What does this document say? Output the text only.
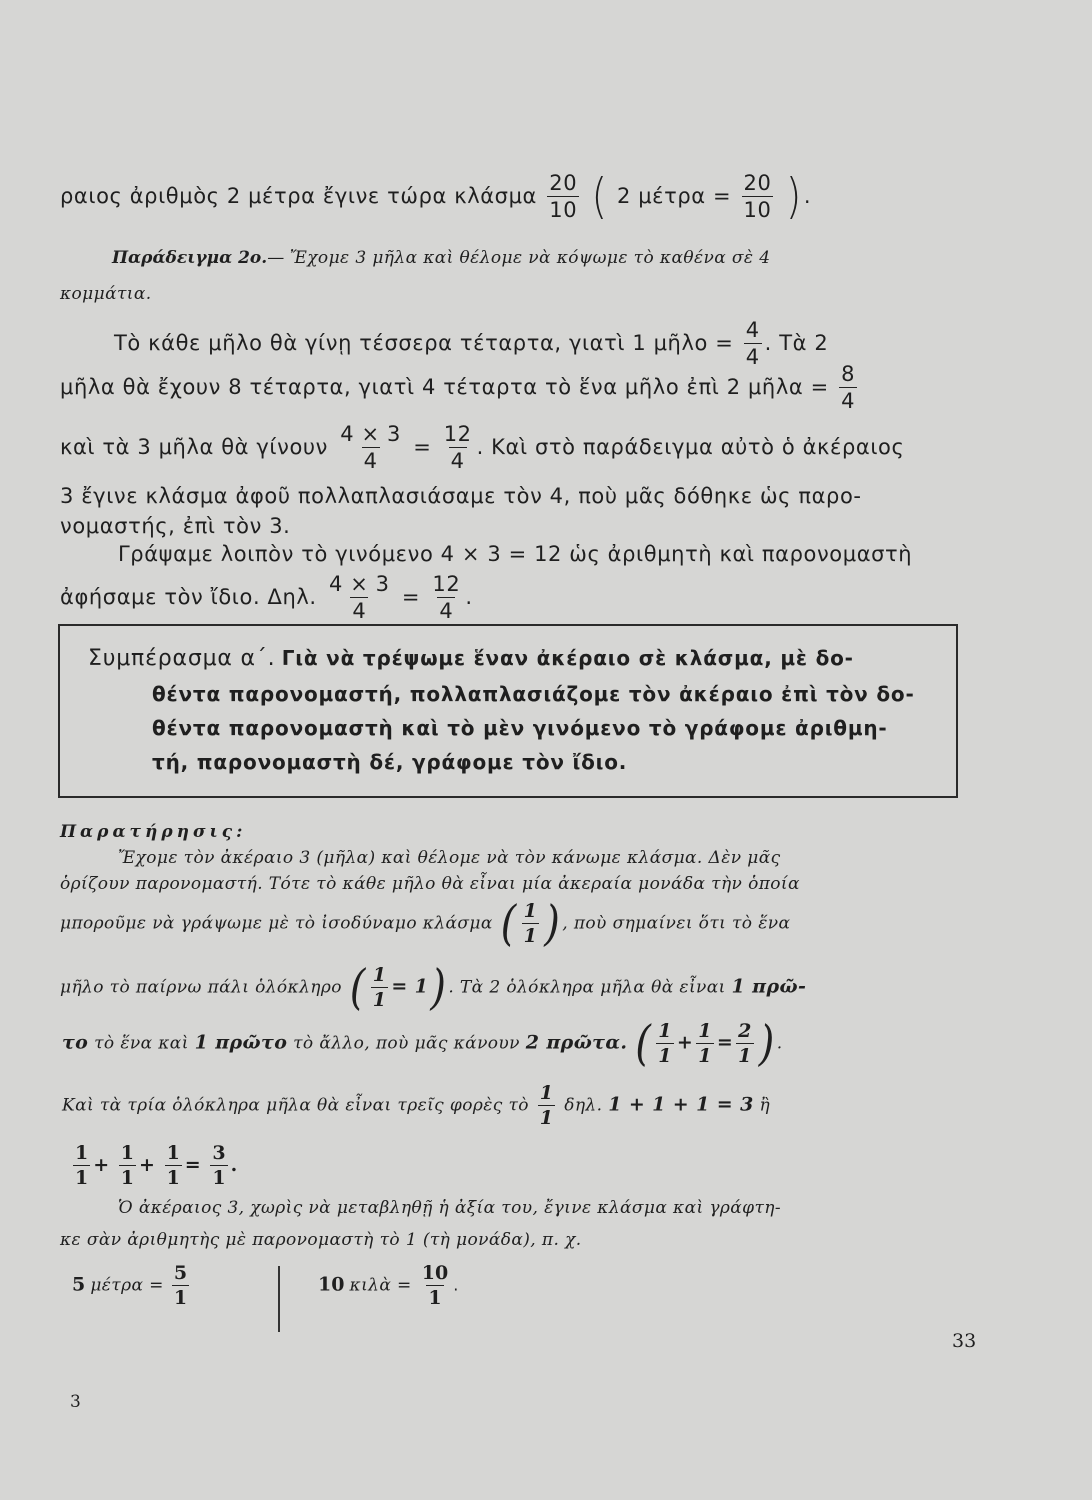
ραιος ἀριθμὸς 2 μέτρα ἔγινε τώρα κλάσμα $\frac{20}{10}$ ( 2 $\mu έ\tau\rho\alpha = \frac{20}{10}$ ).
Παράδειγμα 2ο.— Ἔχομε 3 μῆλα καὶ θέλομε νὰ κόψωμε τὸ καθένα σὲ 4
κομμάτια.
Τὸ κάθε μῆλο θὰ γίνῃ τέσσερα τέταρτα, γιατὶ 1 μῆλο = $\frac{4}{4}$ . Τὰ 2
μῆλα θὰ ἔχουν 8 τέταρτα, γιατὶ 4 τέταρτα τὸ ἕνα μῆλο ἐπὶ 2 μῆλα = $\frac{8}{4}$
καὶ τὰ 3 μῆλα θὰ γίνουν $\frac{4 \times 3}{4} = \frac{12}{4}$ . Καὶ στὸ παράδειγμα αὐτὸ ὁ ἀκέραιος
3 ἔγινε κλάσμα ἀφοῦ πολλαπλασιάσαμε τὸν 4, ποὺ μᾶς δόθηκε ὡς παρο-
νομαστής, ἐπὶ τὸν 3.
Γράψαμε λοιπὸν τὸ γινόμενο 4 × 3 = 12 ὡς ἀριθμητὴ καὶ παρονομαστὴ
ἀφήσαμε τὸν ἴδιο. Δηλ. $\frac{4 \times 3}{4} = \frac{12}{4}$ .
Συμπέρασμα α΄. Γιὰ νὰ τρέψωμε ἕναν ἀκέραιο σὲ κλάσμα, μὲ δο-
θέντα παρονομαστή, πολλαπλασιάζομε τὸν ἀκέραιο ἐπὶ τὸν δο-
θέντα παρονομαστὴ καὶ τὸ μὲν γινόμενο τὸ γράφομε ἀριθμη-
τή, παρονομαστὴ δέ, γράφομε τὸν ἴδιο.
Παρατήρησις:
Ἔχομε τὸν ἀκέραιο 3 (μῆλα) καὶ θέλομε νὰ τὸν κάνωμε κλάσμα. Δὲν μᾶς
ὁρίζουν παρονομαστή. Τότε τὸ κάθε μῆλο θὰ εἶναι μία ἀκεραία μονάδα τὴν ὁποία
μποροῦμε νὰ γράψωμε μὲ τὸ ἰσοδύναμο κλάσμα ( $\frac{1}{1}$ ) , ποὺ σημαίνει ὅτι τὸ ἕνα
μῆλο τὸ παίρνω πάλι ὁλόκληρο ( $\frac{1}{1} = 1$) . Τὰ 2 ὁλόκληρα μῆλα θὰ εἶναι 1 πρῶ-
το τὸ ἕνα καὶ 1 πρῶτο τὸ ἄλλο, ποὺ μᾶς κάνουν 2 πρῶτα. ( $\frac{1}{1} + \frac{1}{1} = \frac{2}{1}$ ) .
Καὶ τὰ τρία ὁλόκληρα μῆλα θὰ εἶναι τρεῖς φορὲς τὸ $\frac{1}{1} \delta\eta\lambda$. 1 + 1 + 1 = 3 ἢ
$\frac{1}{1} + \frac{1}{1} + \frac{1}{1} = \frac{3}{1}$ .
Ὁ ἀκέραιος 3, χωρὶς νὰ μεταβληθῇ ἡ ἀξία του, ἔγινε κλάσμα καὶ γράφτη-
κε σὰν ἀριθμητὴς μὲ παρονομαστὴ τὸ 1 (τὴ μονάδα), π. χ.
5 $\mu έ\tau\rho\alpha = \frac{5}{1}$	10 κιλὰ = $\frac{10}{1}$ .
33
3
